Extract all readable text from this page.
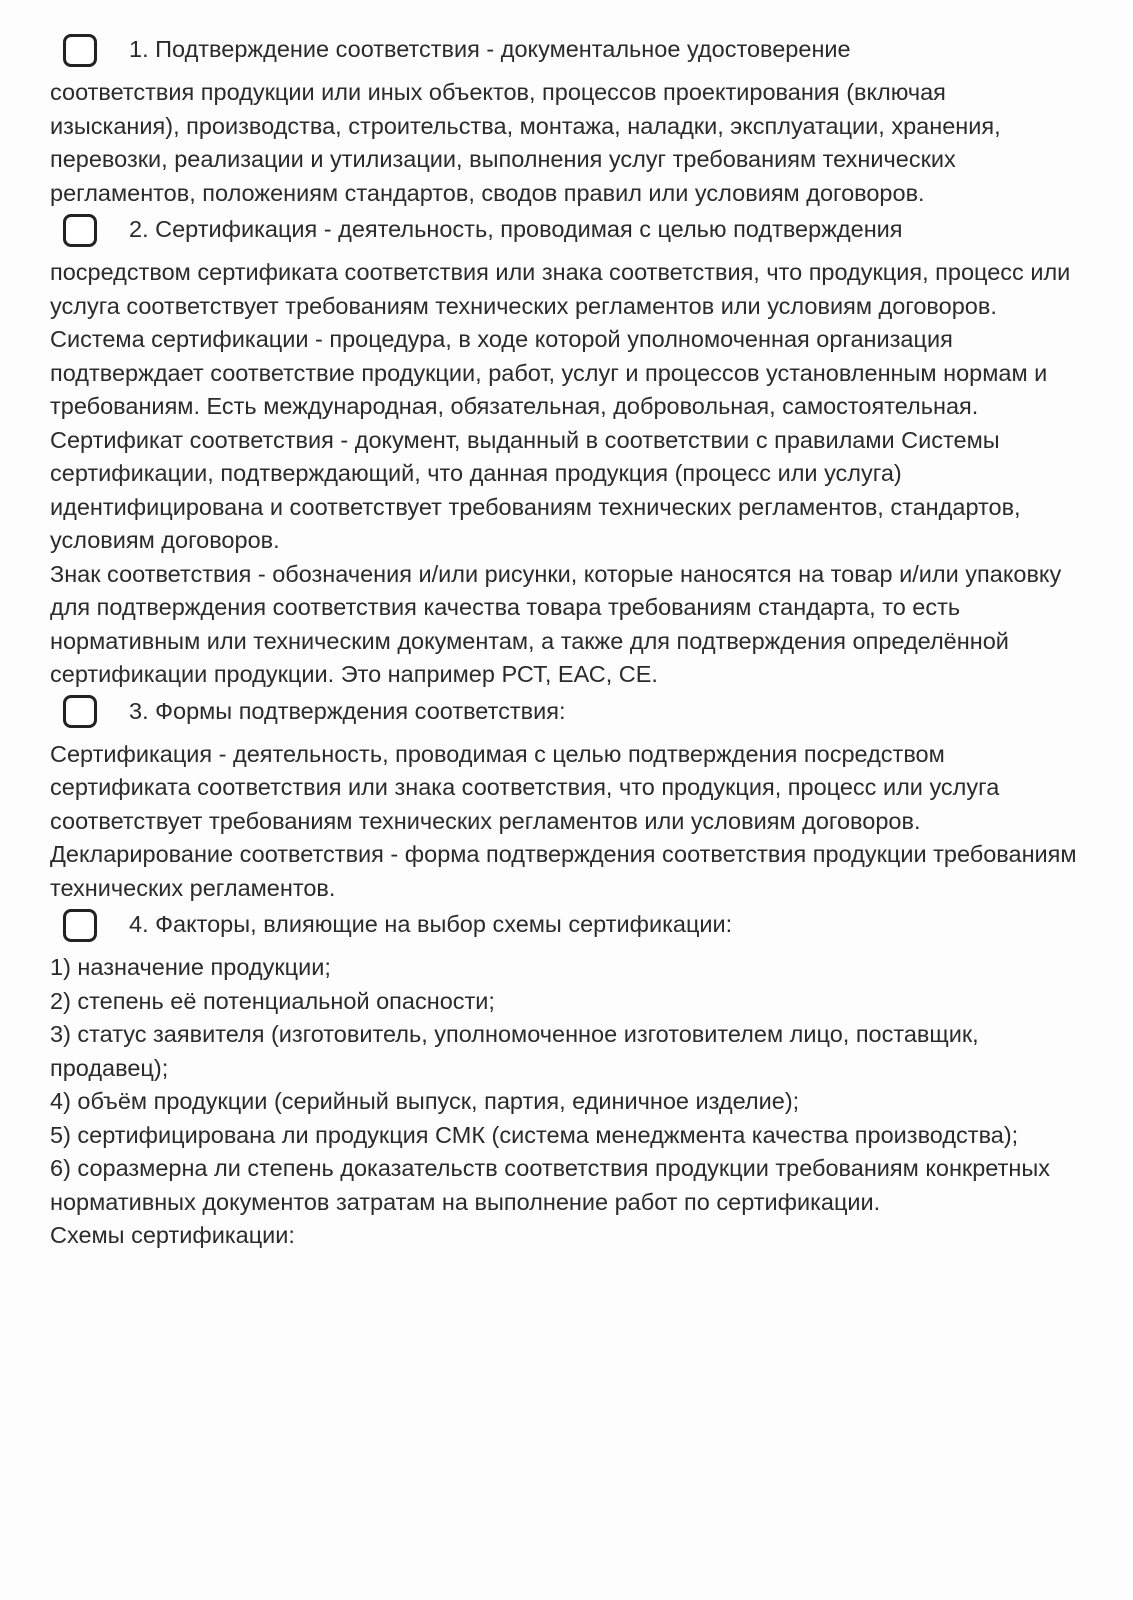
1. Подтверждение соответствия - документальное удостоверение

соответствия продукции или иных объектов, процессов проектирования (включая изыскания), производства, строительства, монтажа, наладки, эксплуатации, хранения, перевозки, реализации и утилизации, выполнения услуг требованиям технических регламентов, положениям стандартов, сводов правил или условиям договоров.

2. Сертификация - деятельность, проводимая с целью подтверждения

посредством сертификата соответствия или знака соответствия, что продукция, процесс или услуга соответствует требованиям технических регламентов или условиям договоров.

Система сертификации - процедура, в ходе которой уполномоченная организация подтверждает соответствие продукции, работ, услуг и процессов установленным нормам и требованиям. Есть международная, обязательная, добровольная, самостоятельная.

Сертификат соответствия - документ, выданный в соответствии с правилами Системы сертификации, подтверждающий, что данная продукция (процесс или услуга) идентифицирована и соответствует требованиям технических регламентов, стандартов, условиям договоров.

Знак соответствия - обозначения и/или рисунки, которые наносятся на товар и/или упаковку для подтверждения соответствия качества товара требованиям стандарта, то есть нормативным или техническим документам, а также для подтверждения определённой сертификации продукции. Это например РСТ, ЕАС, СЕ.

3. Формы подтверждения соответствия:

Сертификация - деятельность, проводимая с целью подтверждения посредством сертификата соответствия или знака соответствия, что продукция, процесс или услуга соответствует требованиям технических регламентов или условиям договоров.

Декларирование соответствия - форма подтверждения соответствия продукции требованиям технических регламентов.

4. Факторы, влияющие на выбор схемы сертификации:

1) назначение продукции;

2) степень её потенциальной опасности;

3) статус заявителя (изготовитель, уполномоченное изготовителем лицо, поставщик, продавец);

4) объём продукции (серийный выпуск, партия, единичное изделие);

5) сертифицирована ли продукция СМК (система менеджмента качества производства);

6) соразмерна ли степень доказательств соответствия продукции требованиям конкретных нормативных документов затратам на выполнение работ по сертификации.

Схемы сертификации:
